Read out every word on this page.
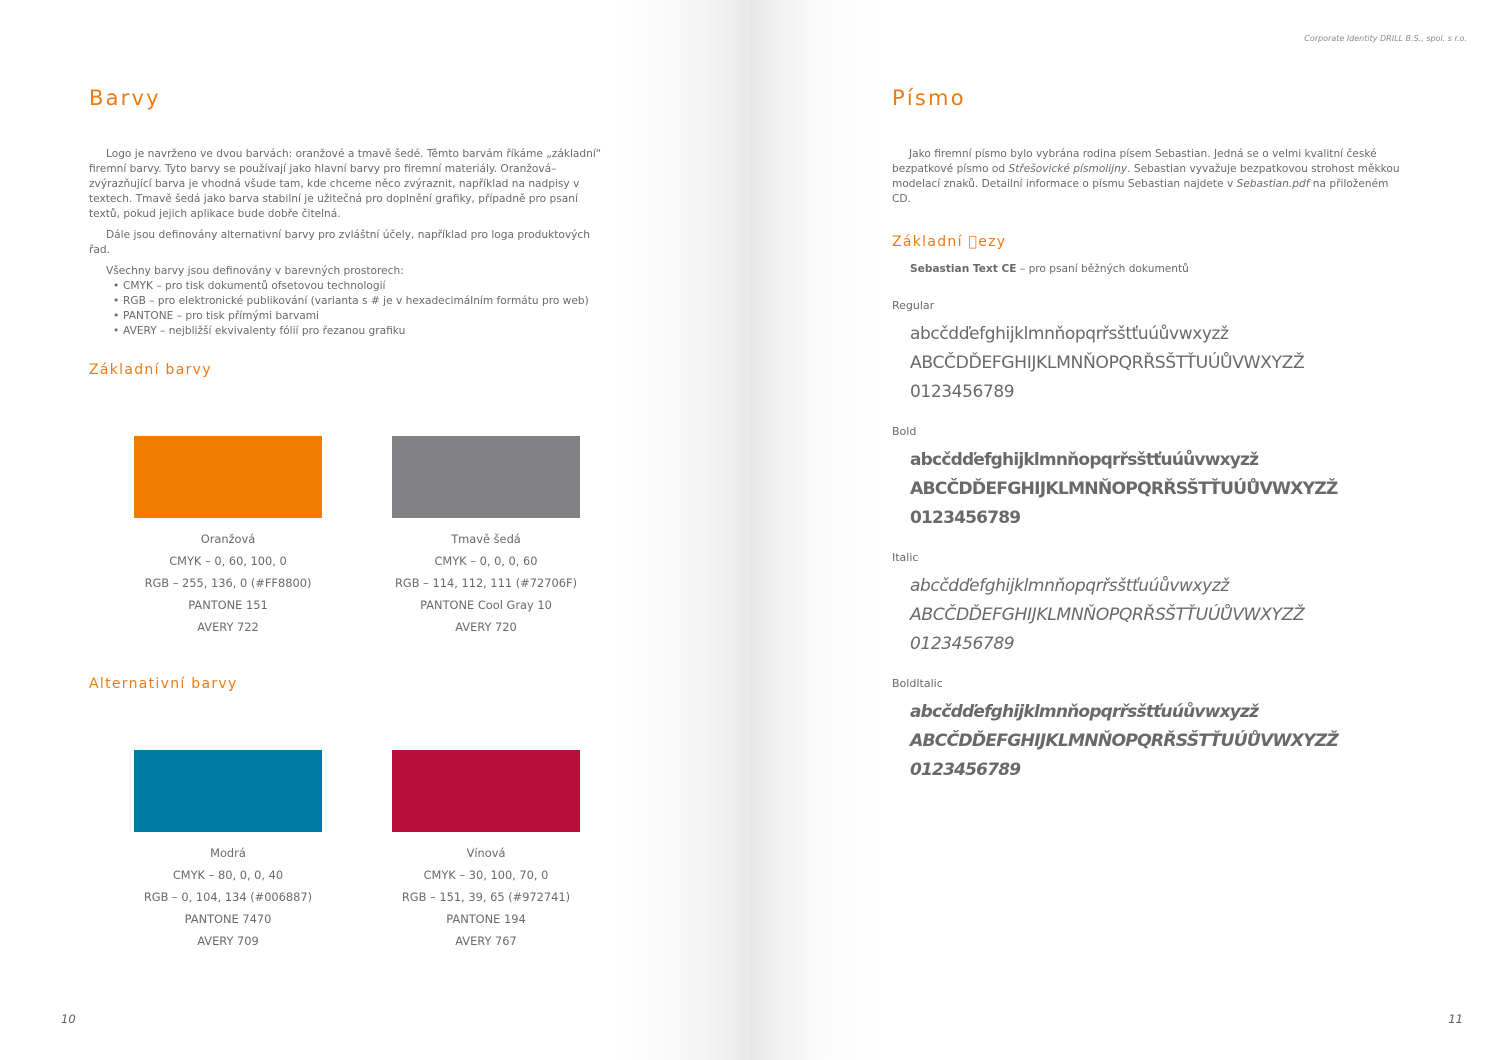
Barvy

Logo je navrženo ve dvou barvách: oranžové a tmavě šedé. Těmto barvám říkáme „základní“ firemní barvy. Tyto barvy se používají jako hlavní barvy pro firemní materiály. Oranžová–zvýrazňující barva je vhodná všude tam, kde chceme něco zvýraznit, například na nadpisy v textech. Tmavě šedá jako barva stabilní je užitečná pro doplnění grafiky, případně pro psaní textů, pokud jejich aplikace bude dobře čitelná.

Dále jsou definovány alternativní barvy pro zvláštní účely, například pro loga produktových řad.

Všechny barvy jsou definovány v barevných prostorech:

• CMYK – pro tisk dokumentů ofsetovou technologií
• RGB – pro elektronické publikování (varianta s # je v hexadecimálním formátu pro web)
• PANTONE – pro tisk přímými barvami
• AVERY – nejbližší ekvivalenty fólií pro řezanou grafiku
Základní barvy
Oranžová
CMYK – 0, 60, 100, 0
RGB – 255, 136, 0 (#FF8800)
PANTONE 151
AVERY 722
Tmavě šedá
CMYK – 0, 0, 0, 60
RGB – 114, 112, 111 (#72706F)
PANTONE Cool Gray 10
AVERY 720
Alternativní barvy
Modrá
CMYK – 80, 0, 0, 40
RGB – 0, 104, 134 (#006887)
PANTONE 7470
AVERY 709
Vínová
CMYK – 30, 100, 70, 0
RGB – 151, 39, 65 (#972741)
PANTONE 194
AVERY 767
10
Corporate Identity DRILL B.S., spol. s r.o.
Písmo

Jako firemní písmo bylo vybrána rodina písem Sebastian. Jedná se o velmi kvalitní české bezpatkové písmo od Střešovické písmolijny. Sebastian vyvažuje bezpatkovou strohost měkkou modelací znaků. Detailní informace o písmu Sebastian najdete v Sebastian.pdf na přiloženém CD.

Základní  ezy
Sebastian Text CE – pro psaní běžných dokumentů
Regular
abcčdďefghijklmnňopqrřsštťuúůvwxyzž
ABCČDĎEFGHIJKLMNŇOPQRŘSŠTŤUÚŮVWXYZŽ
0123456789
Bold
abcčdďefghijklmnňopqrřsštťuúůvwxyzž
ABCČDĎEFGHIJKLMNŇOPQRŘSŠTŤUÚŮVWXYZŽ
0123456789
Italic
abcčdďefghijklmnňopqrřsštťuúůvwxyzž
ABCČDĎEFGHIJKLMNŇOPQRŘSŠTŤUÚŮVWXYZŽ
0123456789
BoldItalic
abcčdďefghijklmnňopqrřsštťuúůvwxyzž
ABCČDĎEFGHIJKLMNŇOPQRŘSŠTŤUÚŮVWXYZŽ
0123456789
11
